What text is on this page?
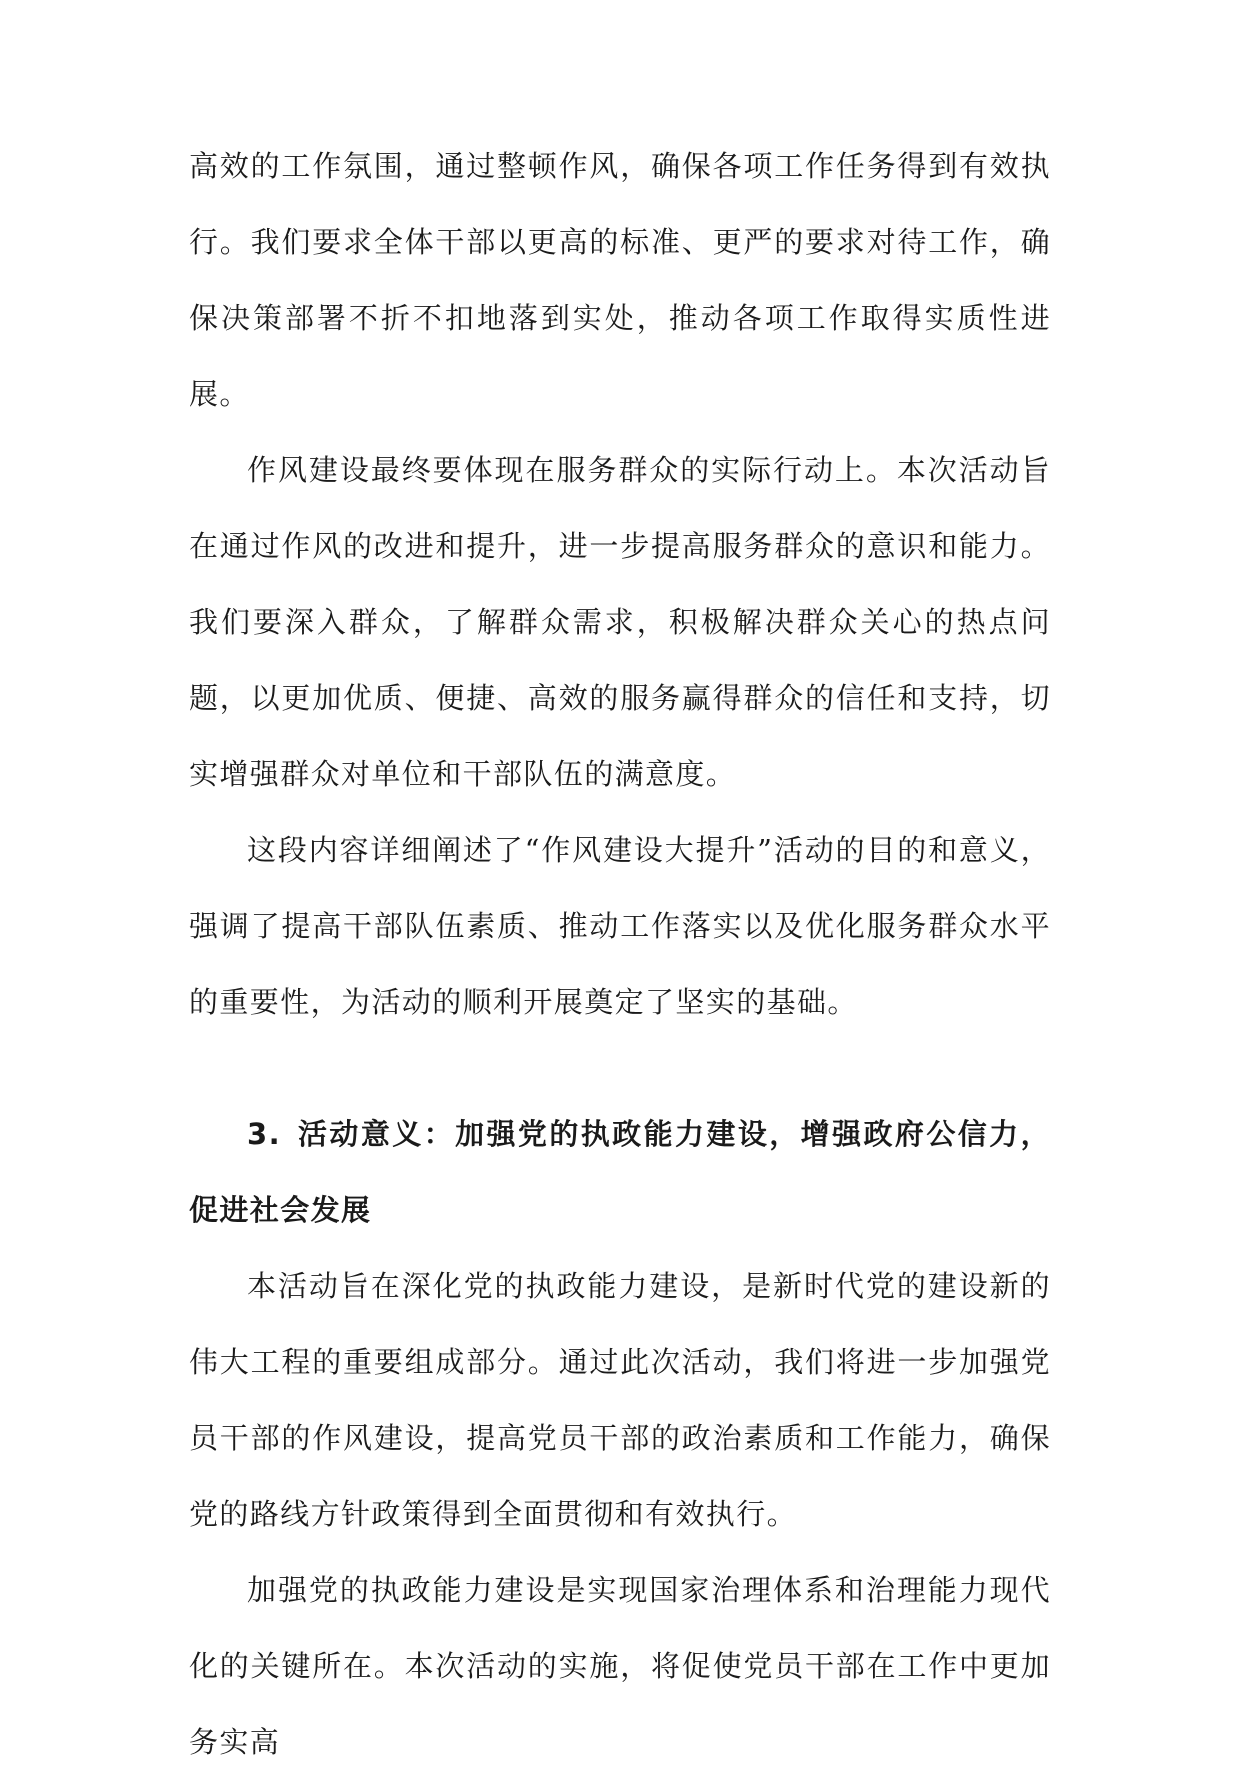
高效的工作氛围，通过整顿作风，确保各项工作任务得到有效执行。我们要求全体干部以更高的标准、更严的要求对待工作，确保决策部署不折不扣地落到实处，推动各项工作取得实质性进展。

作风建设最终要体现在服务群众的实际行动上。本次活动旨在通过作风的改进和提升，进一步提高服务群众的意识和能力。我们要深入群众，了解群众需求，积极解决群众关心的热点问题，以更加优质、便捷、高效的服务赢得群众的信任和支持，切实增强群众对单位和干部队伍的满意度。

这段内容详细阐述了“作风建设大提升”活动的目的和意义，强调了提高干部队伍素质、推动工作落实以及优化服务群众水平的重要性，为活动的顺利开展奠定了坚实的基础。

3. 活动意义：加强党的执政能力建设，增强政府公信力，促进社会发展

本活动旨在深化党的执政能力建设，是新时代党的建设新的伟大工程的重要组成部分。通过此次活动，我们将进一步加强党员干部的作风建设，提高党员干部的政治素质和工作能力，确保党的路线方针政策得到全面贯彻和有效执行。

加强党的执政能力建设是实现国家治理体系和治理能力现代化的关键所在。本次活动的实施，将促使党员干部在工作中更加务实高
